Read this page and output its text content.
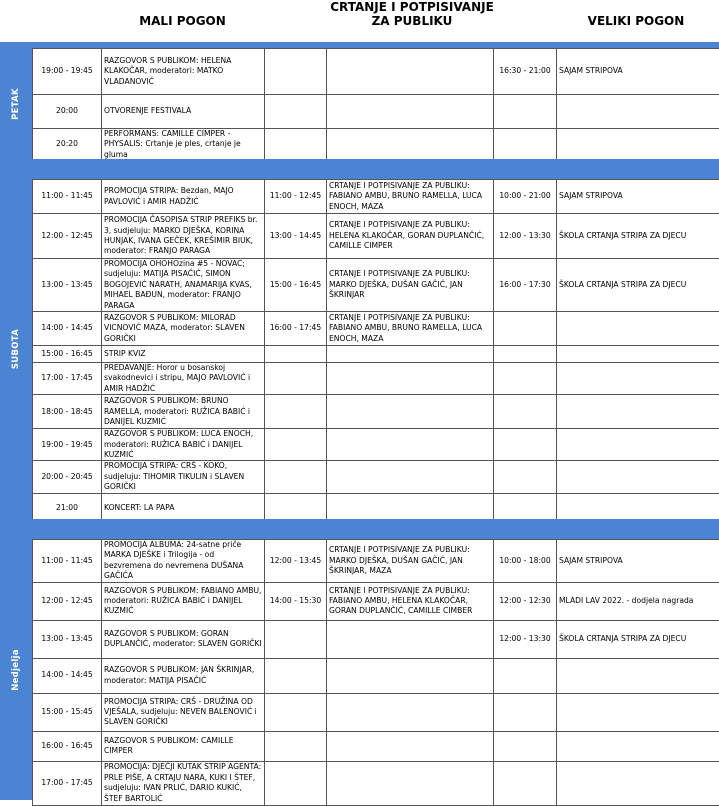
MALI POGON
CRTANJE I POTPISIVANJE ZA PUBLIKU	VELIKI POGON
PETAK
19:00 - 19:45	RAZGOVOR S PUBLIKOM: HELENA KLAKOČAR, moderatori: MATKO VLADANOVIĆ			16:30 - 21:00	SAJAM STRIPOVA
20:00	OTVORENJE FESTIVALA				
20:20	PERFORMANS: CAMILLE CIMPER - PHYSALIS: Crtanje je ples, crtanje je gluma				
SUBOTA
11:00 - 11:45	PROMOCIJA STRIPA: Bezdan, MAJO PAVLOVIĆ i AMIR HADŽIĆ	11:00 - 12:45	CRTANJE I POTPISIVANJE ZA PUBLIKU: FABIANO AMBU, BRUNO RAMELLA, LUCA ENOCH, MAZA	10:00 - 21:00	SAJAM STRIPOVA
12:00 - 12:45	PROMOCIJA ČASOPISA STRIP PREFIKS br. 3, sudjeluju: MARKO DJEŠKA, KORINA HUNJAK, IVANA GEČEK, KREŠIMIR BIUK, moderator: FRANJO PARAGA	13:00 - 14:45	CRTANJE I POTPISIVANJE ZA PUBLIKU: HELENA KLAKOČAR, GORAN DUPLANČIĆ, CAMILLE CIMPER	12:00 - 13:30	ŠKOLA CRTANJA STRIPA ZA DJECU
13:00 - 13:45	PROMOCIJA OHOHOzina #5 - NOVAC; sudjeluju: MATIJA PISAČIĆ, SIMON BOGOJEVIĆ NARATH, ANAMARIJA KVAS, MIHAEL BAĐUN, moderator: FRANJO PARAGA	15:00 - 16:45	CRTANJE I POTPISIVANJE ZA PUBLIKU: MARKO DJEŠKA, DUŠAN GAČIĆ, JAN ŠKRINJAR	16:00 - 17:30	ŠKOLA CRTANJA STRIPA ZA DJECU
14:00 - 14:45	RAZGOVOR S PUBLIKOM: MILORAD VICNOVIĆ MAZA, moderator: SLAVEN GORIČKI	16:00 - 17:45	CRTANJE I POTPISIVANJE ZA PUBLIKU: FABIANO AMBU, BRUNO RAMELLA, LUCA ENOCH, MAZA		
15:00 - 16:45	STRIP KVIZ				
17:00 - 17:45	PREDAVANJE: Horor u bosanskoj svakodnevici i stripu, MAJO PAVLOVIĆ i AMIR HADŽIĆ				
18:00 - 18:45	RAZGOVOR S PUBLIKOM: BRUNO RAMELLA, moderatori: RUŽICA BABIĆ i DANIJEL KUZMIĆ				
19:00 - 19:45	RAZGOVOR S PUBLIKOM: LUCA ENOCH, moderatori: RUŽICA BABIĆ i DANIJEL KUZMIĆ				
20:00 - 20:45	PROMOCIJA STRIPA: CRŠ - KOKO, sudjeluju: TIHOMIR TIKULIN i SLAVEN GORIČKI				
21:00	KONCERT: LA PAPA				
Nedjelja
11:00 - 11:45	PROMOCIJA ALBUMA: 24-satne priče MARKA DJEŠKE i Trilogija - od bezvremena do nevremena DUŠANA GAČIĆA	12:00 - 13:45	CRTANJE I POTPISIVANJE ZA PUBLIKU: MARKO DJEŠKA, DUŠAN GAČIĆ, JAN ŠKRINJAR, MAZA	10:00 - 18:00	SAJAM STRIPOVA
12:00 - 12:45	RAZGOVOR S PUBLIKOM: FABIANO AMBU, moderatori: RUŽICA BABIĆ i DANIJEL KUZMIĆ	14:00 - 15:30	CRTANJE I POTPISIVANJE ZA PUBLIKU: FABIANO AMBU, HELENA KLAKOČAR, GORAN DUPLANČIĆ, CAMILLE CIMBER	12:00 - 12:30	MLADI LAV 2022. - dodjela nagrada
13:00 - 13:45	RAZGOVOR S PUBLIKOM: GORAN DUPLANČIĆ, moderator: SLAVEN GORIČKI			12:00 - 13:30	ŠKOLA CRTANJA STRIPA ZA DJECU
14:00 - 14:45	RAZGOVOR S PUBLIKOM: JAN ŠKRINJAR, moderator: MATIJA PISAČIĆ				
15:00 - 15:45	PROMOCIJA STRIPA: CRŠ - DRUŽINA OD VJEŠALA, sudjeluju: NEVEN BALENOVIĆ i SLAVEN GORIČKI				
16:00 - 16:45	RAZGOVOR S PUBLIKOM: CAMILLE CIMPER				
17:00 - 17:45	PROMOCIJA: DJEČJI KUTAK STRIP AGENTA: PRLE PIŠE, A CRTAJU NARA, KUKI I ŠTEF, sudjeluju: IVAN PRLIĆ, DARIO KUKIĆ, ŠTEF BARTOLIĆ				
